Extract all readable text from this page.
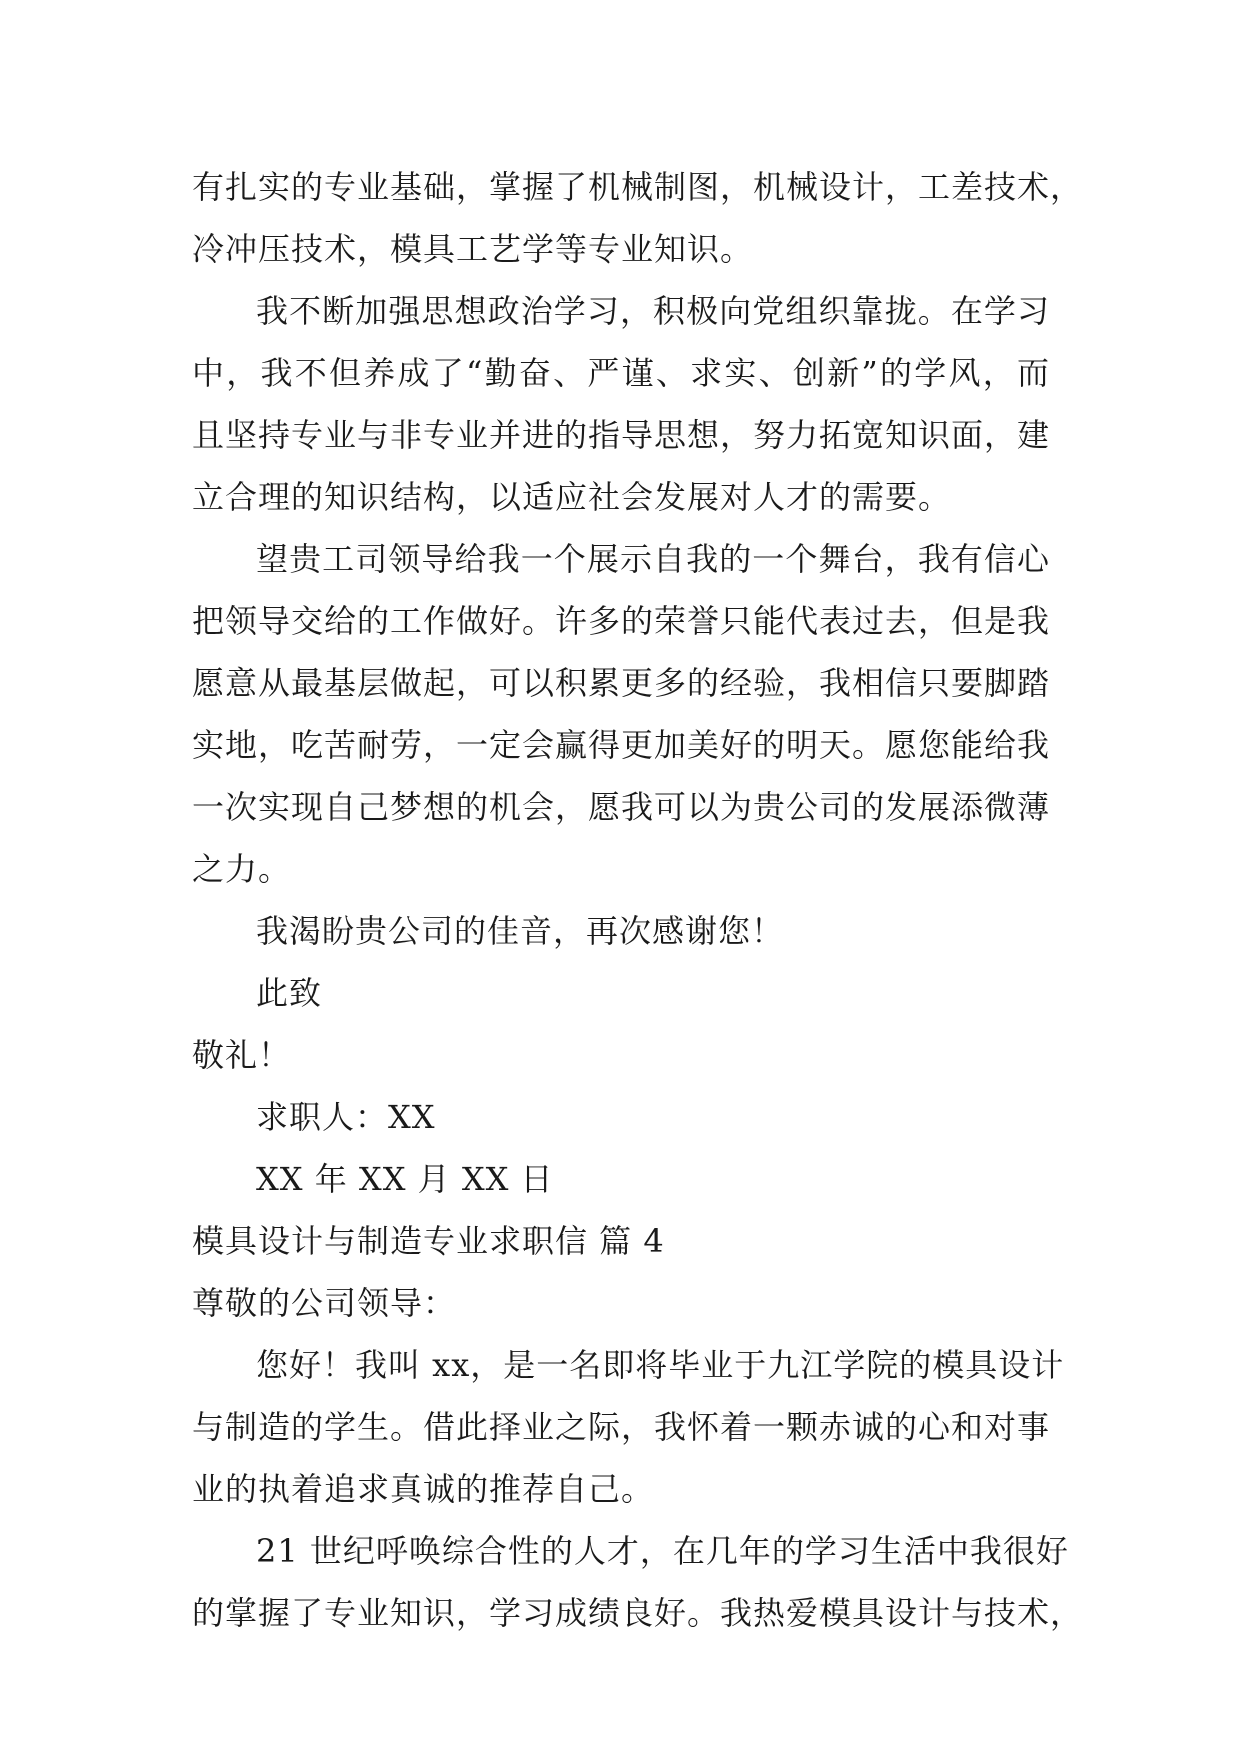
有扎实的专业基础，掌握了机械制图，机械设计，工差技术，
冷冲压技术，模具工艺学等专业知识。
我不断加强思想政治学习，积极向党组织靠拢。在学习
中，我不但养成了“勤奋、严谨、求实、创新”的学风，而
且坚持专业与非专业并进的指导思想，努力拓宽知识面，建
立合理的知识结构，以适应社会发展对人才的需要。
望贵工司领导给我一个展示自我的一个舞台，我有信心
把领导交给的工作做好。许多的荣誉只能代表过去，但是我
愿意从最基层做起，可以积累更多的经验，我相信只要脚踏
实地，吃苦耐劳，一定会赢得更加美好的明天。愿您能给我
一次实现自己梦想的机会，愿我可以为贵公司的发展添微薄
之力。
我渴盼贵公司的佳音，再次感谢您！
此致
敬礼！
求职人：XX
XX 年 XX 月 XX 日
模具设计与制造专业求职信 篇 4
尊敬的公司领导：
您好！我叫 xx，是一名即将毕业于九江学院的模具设计
与制造的学生。借此择业之际，我怀着一颗赤诚的心和对事
业的执着追求真诚的推荐自己。
21 世纪呼唤综合性的人才，在几年的学习生活中我很好
的掌握了专业知识，学习成绩良好。我热爱模具设计与技术，
